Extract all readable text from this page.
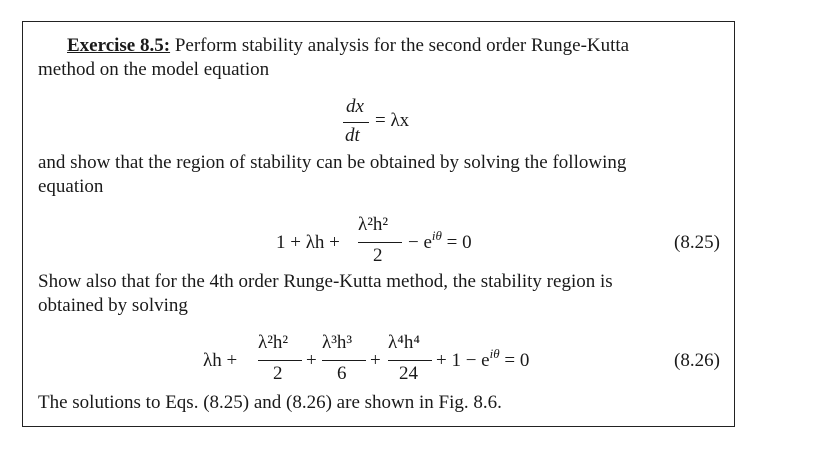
Exercise 8.5: Perform stability analysis for the second order Runge-Kutta
method on the model equation
dx
dt
= λx
and show that the region of stability can be obtained by solving the following
equation
1 + λh +
λ²h²
2
− $e^{i\theta} = 0$	(8.25)
Show also that for the 4th order Runge-Kutta method, the stability region is
obtained by solving
λh +
λ²h²
2
+
λ³h³
6
+
λ⁴h⁴
24
+ $1 - e^{i\theta} = 0$	(8.26)
The solutions to Eqs. (8.25) and (8.26) are shown in Fig. 8.6.
